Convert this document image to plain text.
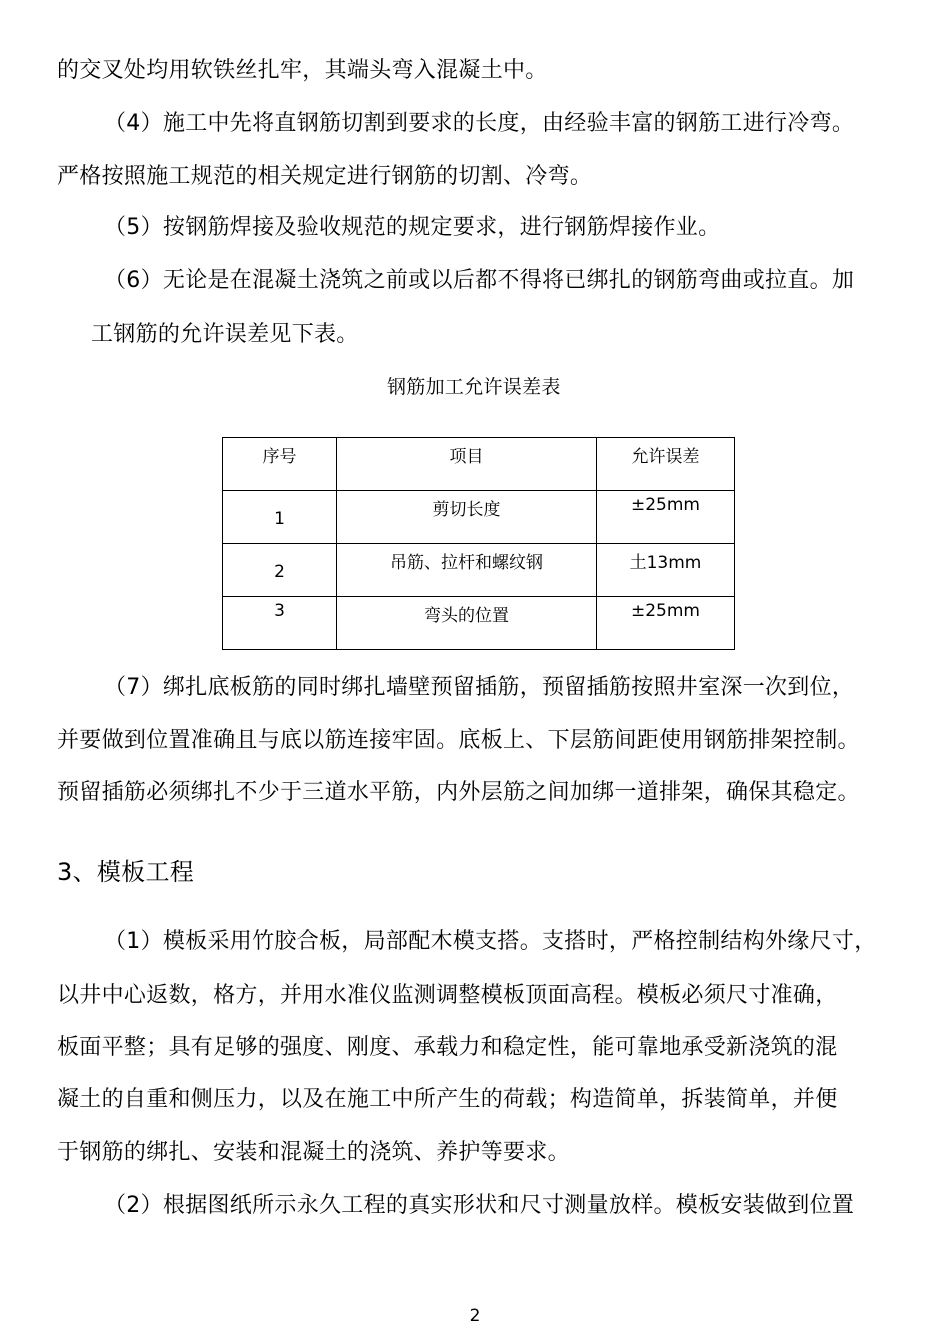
的交叉处均用软铁丝扎牢，其端头弯入混凝土中。
（4）施工中先将直钢筋切割到要求的长度，由经验丰富的钢筋工进行冷弯。
严格按照施工规范的相关规定进行钢筋的切割、冷弯。
（5）按钢筋焊接及验收规范的规定要求，进行钢筋焊接作业。
（6）无论是在混凝土浇筑之前或以后都不得将已绑扎的钢筋弯曲或拉直。加
工钢筋的允许误差见下表。
钢筋加工允许误差表
序号	项目	允许误差

1	剪切长度	±25mm

2	吊筋、拉杆和螺纹钢	土13mm

3	弯头的位置	±25mm
（7）绑扎底板筋的同时绑扎墙壁预留插筋，预留插筋按照井室深一次到位，
并要做到位置准确且与底以筋连接牢固。底板上、下层筋间距使用钢筋排架控制。
预留插筋必须绑扎不少于三道水平筋，内外层筋之间加绑一道排架，确保其稳定。
3、模板工程
（1）模板采用竹胶合板，局部配木模支搭。支搭时，严格控制结构外缘尺寸，
以井中心返数，格方，并用水准仪监测调整模板顶面高程。模板必须尺寸准确，
板面平整；具有足够的强度、刚度、承载力和稳定性，能可靠地承受新浇筑的混
凝土的自重和侧压力，以及在施工中所产生的荷载；构造简单，拆装简单，并便
于钢筋的绑扎、安装和混凝土的浇筑、养护等要求。
（2）根据图纸所示永久工程的真实形状和尺寸测量放样。模板安装做到位置
2
